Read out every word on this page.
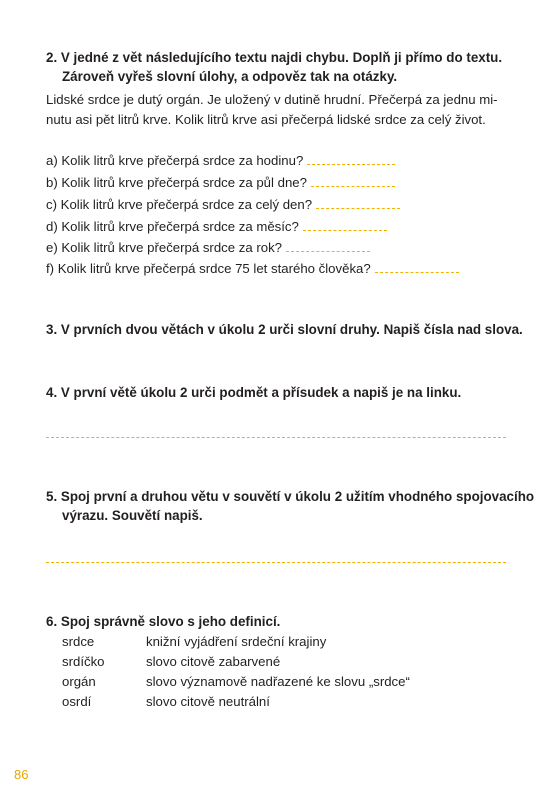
2. V jedné z vět následujícího textu najdi chybu. Doplň ji přímo do textu.
Zároveň vyřeš slovní úlohy, a odpověz tak na otázky.
Lidské srdce je dutý orgán. Je uložený v dutině hrudní. Přečerpá za jednu mi-
nutu asi pět litrů krve. Kolik litrů krve asi přečerpá lidské srdce za celý život.
a) Kolik litrů krve přečerpá srdce za hodinu?
b) Kolik litrů krve přečerpá srdce za půl dne?
c) Kolik litrů krve přečerpá srdce za celý den?
d) Kolik litrů krve přečerpá srdce za měsíc?
e) Kolik litrů krve přečerpá srdce za rok?
f) Kolik litrů krve přečerpá srdce 75 let starého člověka?
3. V prvních dvou větách v úkolu 2 urči slovní druhy. Napiš čísla nad slova.
4. V první větě úkolu 2 urči podmět a přísudek a napiš je na linku.
5. Spoj první a druhou větu v souvětí v úkolu 2 užitím vhodného spojovacího
výrazu. Souvětí napiš.
6. Spoj správně slovo s jeho definicí.
srdce	knižní vyjádření srdeční krajiny
srdíčko	slovo citově zabarvené
orgán	slovo významově nadřazené ke slovu „srdce“
osrdí	slovo citově neutrální
86
